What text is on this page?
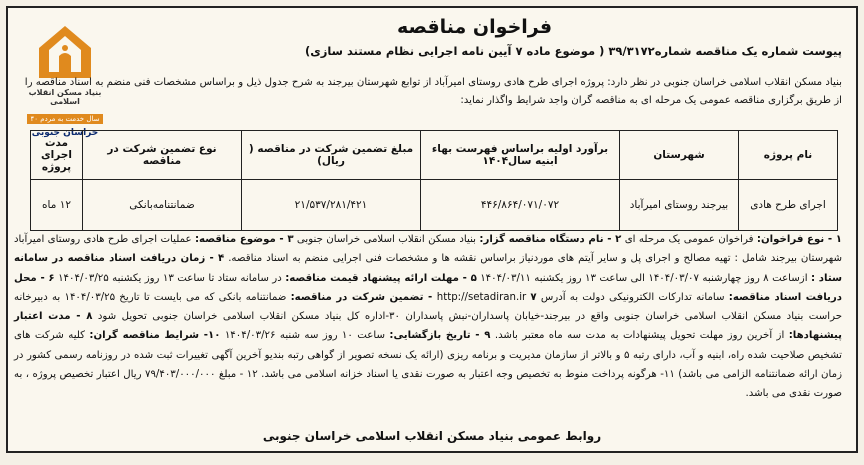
بنیاد مسکن انقلاب اسلامی
۴۰ سال خدمت به مردم
خراسان جنوبی
فراخوان مناقصه
پیوست شماره یک مناقصه شماره۳۹/۳۱۷۲ ( موضوع ماده ۷ آیین نامه اجرایی نظام مستند سازی)
بنیاد مسکن انقلاب اسلامی خراسان جنوبی در نظر دارد: پروژه اجرای طرح هادی روستای امیرآباد از توابع شهرستان بیرجند به شرح جدول ذیل و براساس مشخصات فنی منضم به اسناد مناقصه را از طریق برگزاری مناقصه عمومی یک مرحله ای به مناقصه گران واجد شرایط واگذار نماید:
نام پروژه	شهرستان	برآورد اولیه براساس فهرست بهاء ابنیه سال۱۴۰۴	مبلغ تضمین شرکت در مناقصه ( ریال)	نوع تضمین شرکت در مناقصه	مدت اجرای پروژه
اجرای طرح هادی	بیرجند روستای امیرآباد	۴۴۶/۸۶۴/۰۷۱/۰۷۲	۲۱/۵۳۷/۲۸۱/۴۲۱	ضمانتنامه‌بانکی	۱۲ ماه
۱ - نوع فراخوان: فراخوان عمومی یک مرحله ای ۲ - نام دستگاه مناقصه گزار: بنیاد مسکن انقلاب اسلامی خراسان جنوبی ۳ - موضوع مناقصه: عملیات اجرای طرح هادی روستای امیرآباد شهرستان بیرجند شامل : تهیه مصالح و اجرای پل و سایر آیتم های موردنیاز براساس نقشه ها و مشخصات فنی اجرایی منضم به اسناد مناقصه. ۴ - زمان دریافت اسناد مناقصه در سامانه ستاد : ازساعت ۸ روز چهارشنبه ۱۴۰۴/۰۳/۰۷ الی ساعت ۱۳ روز یکشنبه ۱۴۰۴/۰۳/۱۱ ۵ - مهلت ارائه پیشنهاد قیمت مناقصه: در سامانه ستاد تا ساعت ۱۳ روز یکشنبه ۱۴۰۴/۰۳/۲۵ ۶ - محل دریافت اسناد مناقصه: سامانه تدارکات الکترونیکی دولت به آدرس http://setadiran.ir ۷ - تضمین شرکت در مناقصه: ضمانتنامه بانکی که می بایست تا تاریخ ۱۴۰۴/۰۳/۲۵ به دبیرخانه حراست بنیاد مسکن انقلاب اسلامی خراسان جنوبی واقع در بیرجند-خیابان پاسداران-نبش پاسداران ۳۰-اداره کل بنیاد مسکن انقلاب اسلامی خراسان جنوبی تحویل شود ۸ - مدت اعتبار پیشنهادها: از آخرین روز مهلت تحویل پیشنهادات به مدت سه ماه معتبر باشد. ۹ - تاریخ بازگشایی: ساعت ۱۰ روز سه شنبه ۱۴۰۴/۰۳/۲۶ ۱۰- شرایط مناقصه گران: کلیه شرکت های تشخیص صلاحیت شده راه، ابنیه و آب، دارای رتبه ۵ و بالاتر از سازمان مدیریت و برنامه ریزی (ارائه یک نسخه تصویر از گواهی رتبه بندیو آخرین آگهی تغییرات ثبت شده در روزنامه رسمی کشور در زمان ارائه ضمانتنامه الزامی می باشد) ۱۱- هرگونه پرداخت منوط به تخصیص وجه اعتبار به صورت نقدی یا اسناد خزانه اسلامی می باشد. ۱۲ - مبلغ ۷۹/۴۰۳/۰۰۰/۰۰۰ ریال اعتبار تخصیص پروژه ، به صورت نقدی می باشد.
روابط عمومی بنیاد مسکن انقلاب اسلامی خراسان جنوبی
